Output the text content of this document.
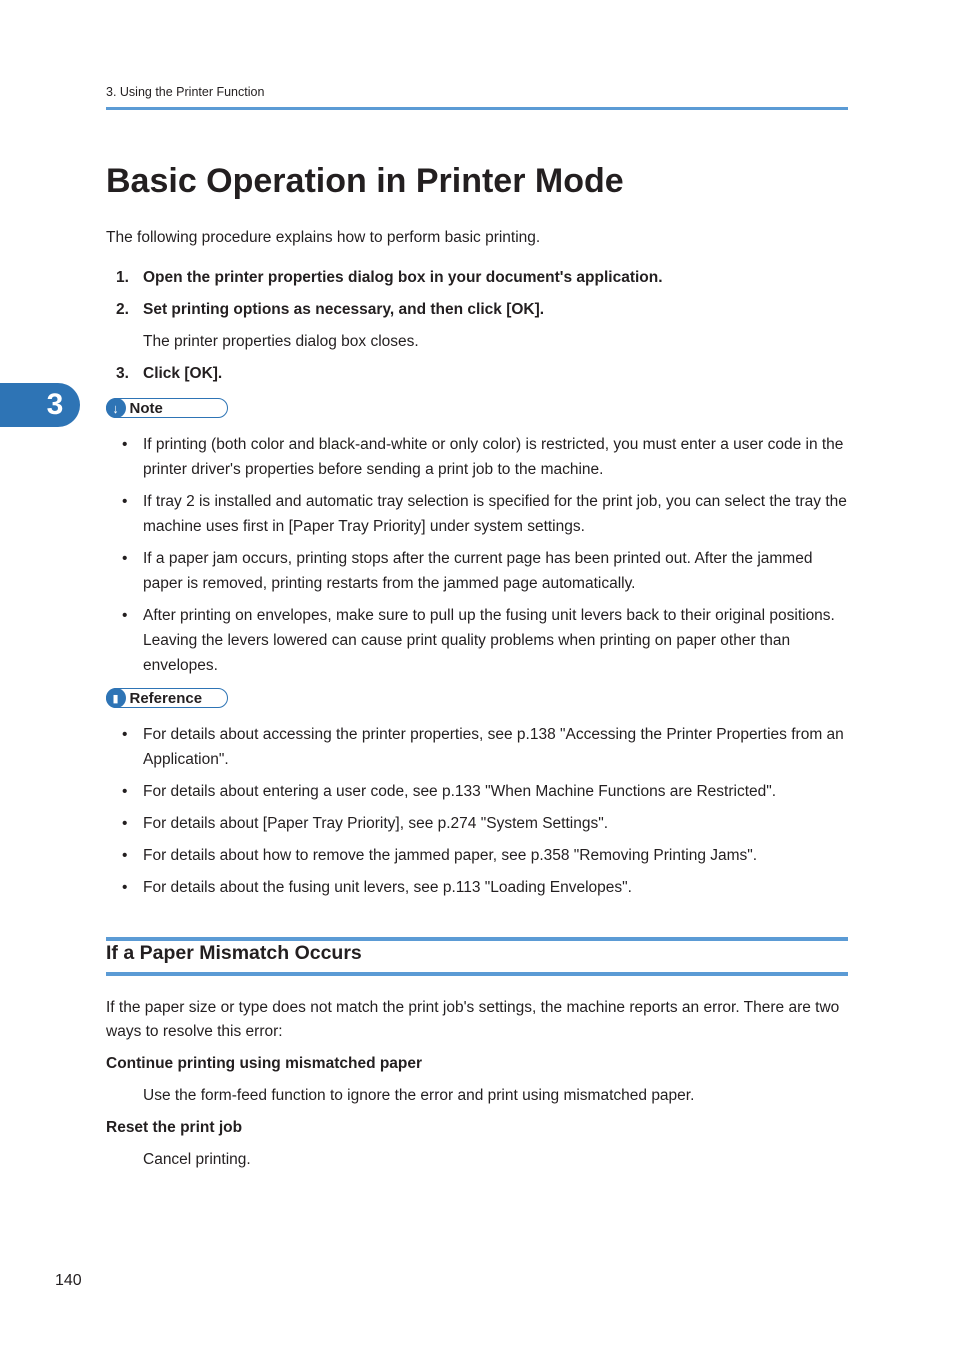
3. Using the Printer Function
3
Basic Operation in Printer Mode
The following procedure explains how to perform basic printing.
1. Open the printer properties dialog box in your document's application.
2. Set printing options as necessary, and then click [OK].
The printer properties dialog box closes.
3. Click [OK].
↓ Note
• If printing (both color and black-and-white or only color) is restricted, you must enter a user code in the printer driver's properties before sending a print job to the machine.
• If tray 2 is installed and automatic tray selection is specified for the print job, you can select the tray the machine uses first in [Paper Tray Priority] under system settings.
• If a paper jam occurs, printing stops after the current page has been printed out. After the jammed paper is removed, printing restarts from the jammed page automatically.
• After printing on envelopes, make sure to pull up the fusing unit levers back to their original positions. Leaving the levers lowered can cause print quality problems when printing on paper other than envelopes.
▮ Reference
• For details about accessing the printer properties, see p.138 "Accessing the Printer Properties from an Application".
• For details about entering a user code, see p.133 "When Machine Functions are Restricted".
• For details about [Paper Tray Priority], see p.274 "System Settings".
• For details about how to remove the jammed paper, see p.358 "Removing Printing Jams".
• For details about the fusing unit levers, see p.113 "Loading Envelopes".
If a Paper Mismatch Occurs
If the paper size or type does not match the print job's settings, the machine reports an error. There are two ways to resolve this error:
Continue printing using mismatched paper
Use the form-feed function to ignore the error and print using mismatched paper.
Reset the print job
Cancel printing.
140
